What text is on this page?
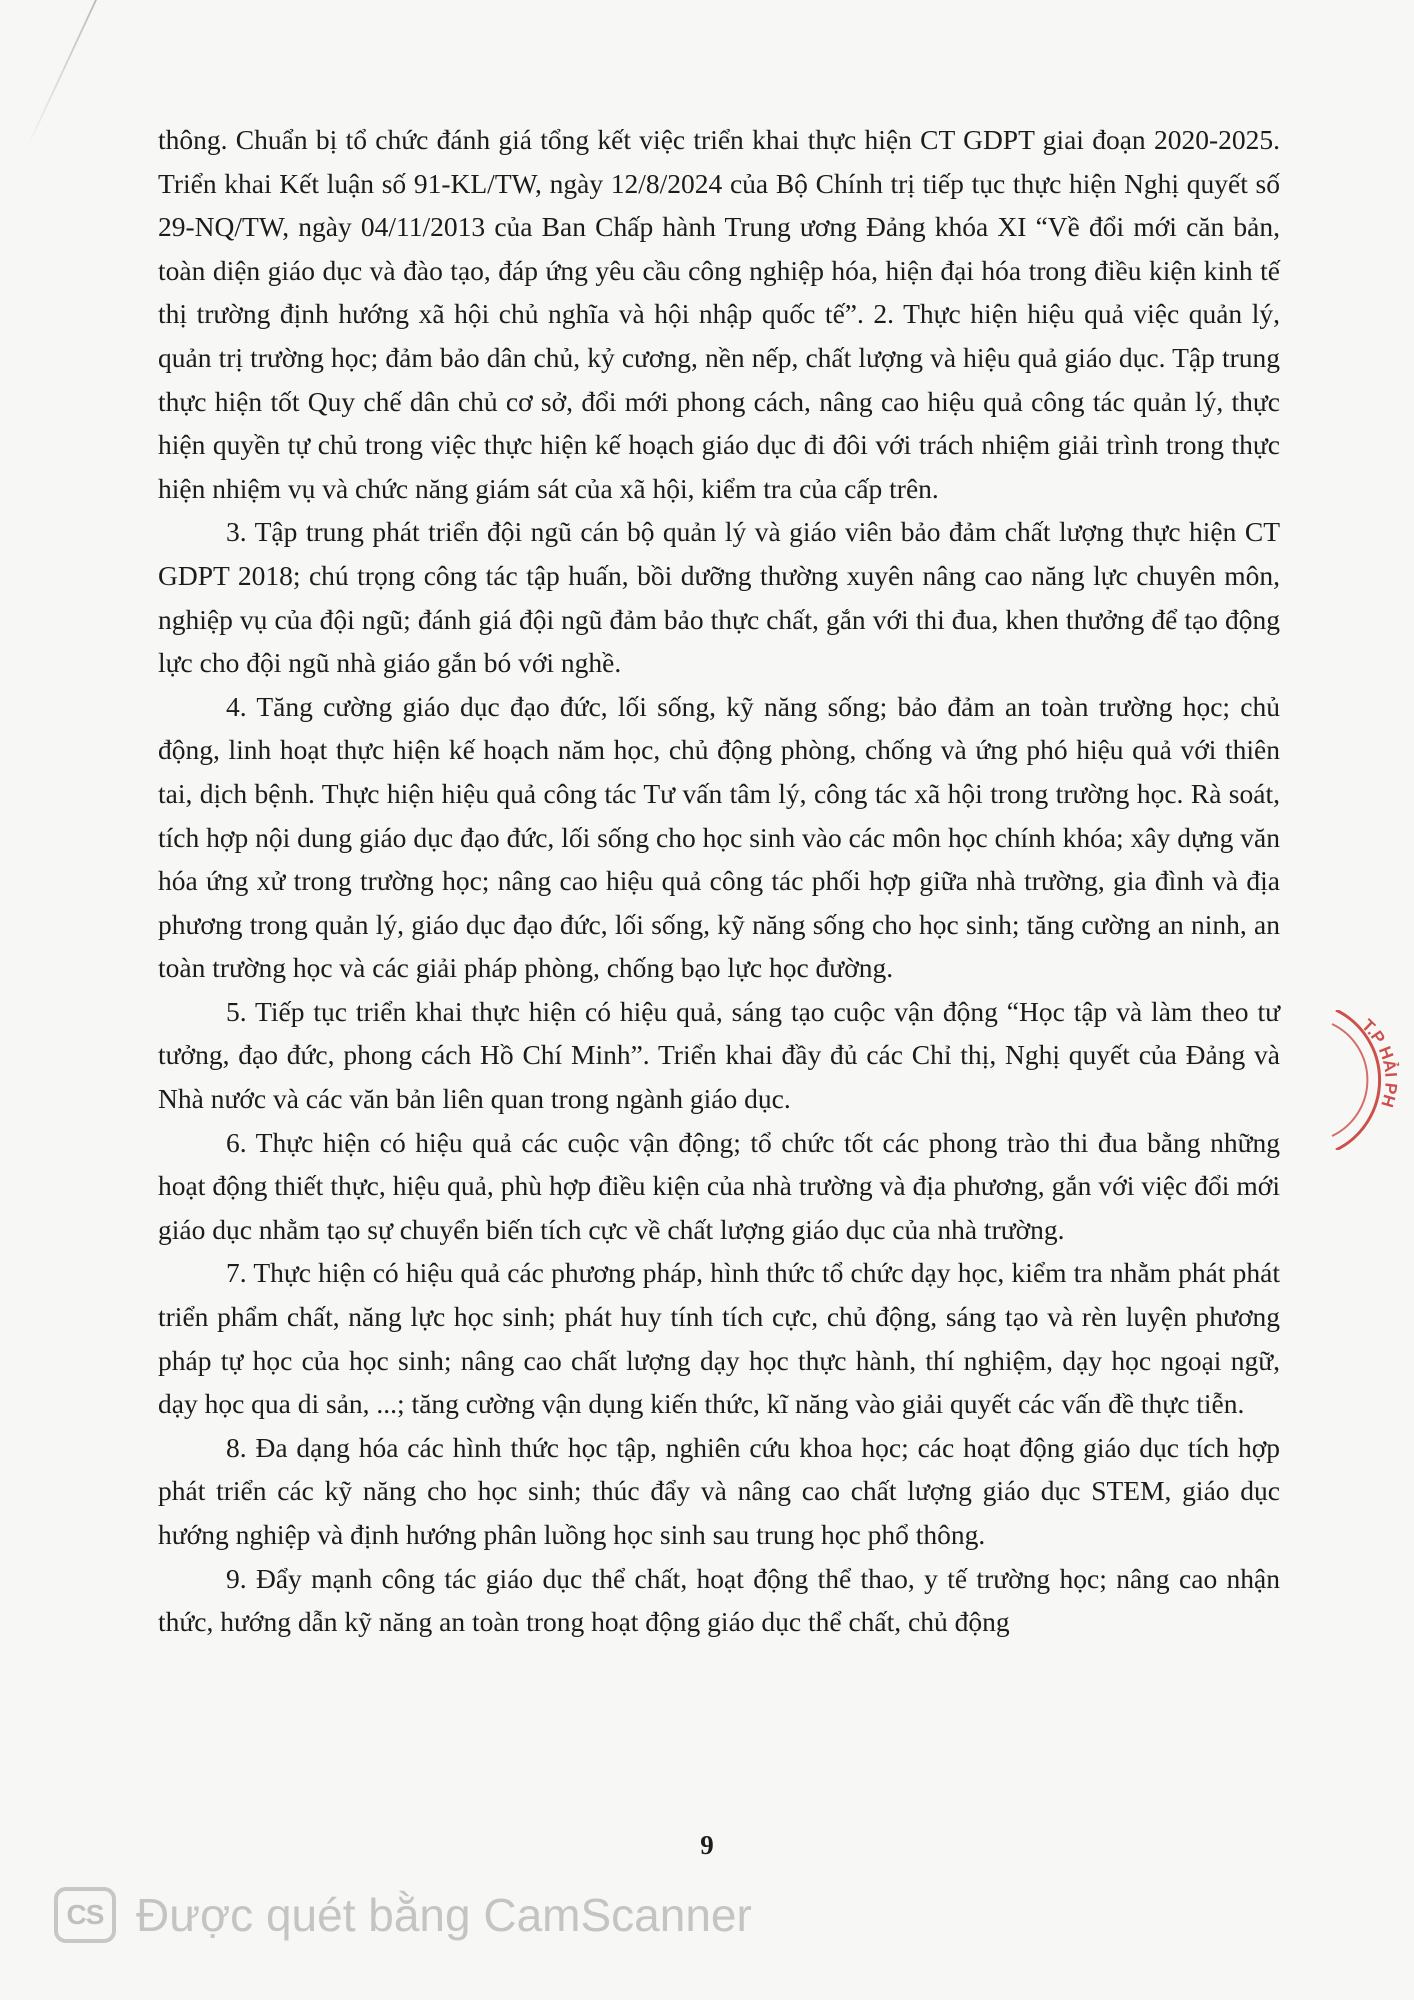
thông. Chuẩn bị tổ chức đánh giá tổng kết việc triển khai thực hiện CT GDPT giai đoạn 2020-2025. Triển khai Kết luận số 91-KL/TW, ngày 12/8/2024 của Bộ Chính trị tiếp tục thực hiện Nghị quyết số 29-NQ/TW, ngày 04/11/2013 của Ban Chấp hành Trung ương Đảng khóa XI “Về đổi mới căn bản, toàn diện giáo dục và đào tạo, đáp ứng yêu cầu công nghiệp hóa, hiện đại hóa trong điều kiện kinh tế thị trường định hướng xã hội chủ nghĩa và hội nhập quốc tế”. 2. Thực hiện hiệu quả việc quản lý, quản trị trường học; đảm bảo dân chủ, kỷ cương, nền nếp, chất lượng và hiệu quả giáo dục. Tập trung thực hiện tốt Quy chế dân chủ cơ sở, đổi mới phong cách, nâng cao hiệu quả công tác quản lý, thực hiện quyền tự chủ trong việc thực hiện kế hoạch giáo dục đi đôi với trách nhiệm giải trình trong thực hiện nhiệm vụ và chức năng giám sát của xã hội, kiểm tra của cấp trên.

3. Tập trung phát triển đội ngũ cán bộ quản lý và giáo viên bảo đảm chất lượng thực hiện CT GDPT 2018; chú trọng công tác tập huấn, bồi dưỡng thường xuyên nâng cao năng lực chuyên môn, nghiệp vụ của đội ngũ; đánh giá đội ngũ đảm bảo thực chất, gắn với thi đua, khen thưởng để tạo động lực cho đội ngũ nhà giáo gắn bó với nghề.

4. Tăng cường giáo dục đạo đức, lối sống, kỹ năng sống; bảo đảm an toàn trường học; chủ động, linh hoạt thực hiện kế hoạch năm học, chủ động phòng, chống và ứng phó hiệu quả với thiên tai, dịch bệnh. Thực hiện hiệu quả công tác Tư vấn tâm lý, công tác xã hội trong trường học. Rà soát, tích hợp nội dung giáo dục đạo đức, lối sống cho học sinh vào các môn học chính khóa; xây dựng văn hóa ứng xử trong trường học; nâng cao hiệu quả công tác phối hợp giữa nhà trường, gia đình và địa phương trong quản lý, giáo dục đạo đức, lối sống, kỹ năng sống cho học sinh; tăng cường an ninh, an toàn trường học và các giải pháp phòng, chống bạo lực học đường.

5. Tiếp tục triển khai thực hiện có hiệu quả, sáng tạo cuộc vận động “Học tập và làm theo tư tưởng, đạo đức, phong cách Hồ Chí Minh”. Triển khai đầy đủ các Chỉ thị, Nghị quyết của Đảng và Nhà nước và các văn bản liên quan trong ngành giáo dục.

6. Thực hiện có hiệu quả các cuộc vận động; tổ chức tốt các phong trào thi đua bằng những hoạt động thiết thực, hiệu quả, phù hợp điều kiện của nhà trường và địa phương, gắn với việc đổi mới giáo dục nhằm tạo sự chuyển biến tích cực về chất lượng giáo dục của nhà trường.

7. Thực hiện có hiệu quả các phương pháp, hình thức tổ chức dạy học, kiểm tra nhằm phát phát triển phẩm chất, năng lực học sinh; phát huy tính tích cực, chủ động, sáng tạo và rèn luyện phương pháp tự học của học sinh; nâng cao chất lượng dạy học thực hành, thí nghiệm, dạy học ngoại ngữ, dạy học qua di sản, ...; tăng cường vận dụng kiến thức, kĩ năng vào giải quyết các vấn đề thực tiễn.

8. Đa dạng hóa các hình thức học tập, nghiên cứu khoa học; các hoạt động giáo dục tích hợp phát triển các kỹ năng cho học sinh; thúc đẩy và nâng cao chất lượng giáo dục STEM, giáo dục hướng nghiệp và định hướng phân luồng học sinh sau trung học phổ thông.

9. Đẩy mạnh công tác giáo dục thể chất, hoạt động thể thao, y tế trường học; nâng cao nhận thức, hướng dẫn kỹ năng an toàn trong hoạt động giáo dục thể chất, chủ động

9
T.P HẢI PH
CS Được quét bằng CamScanner
